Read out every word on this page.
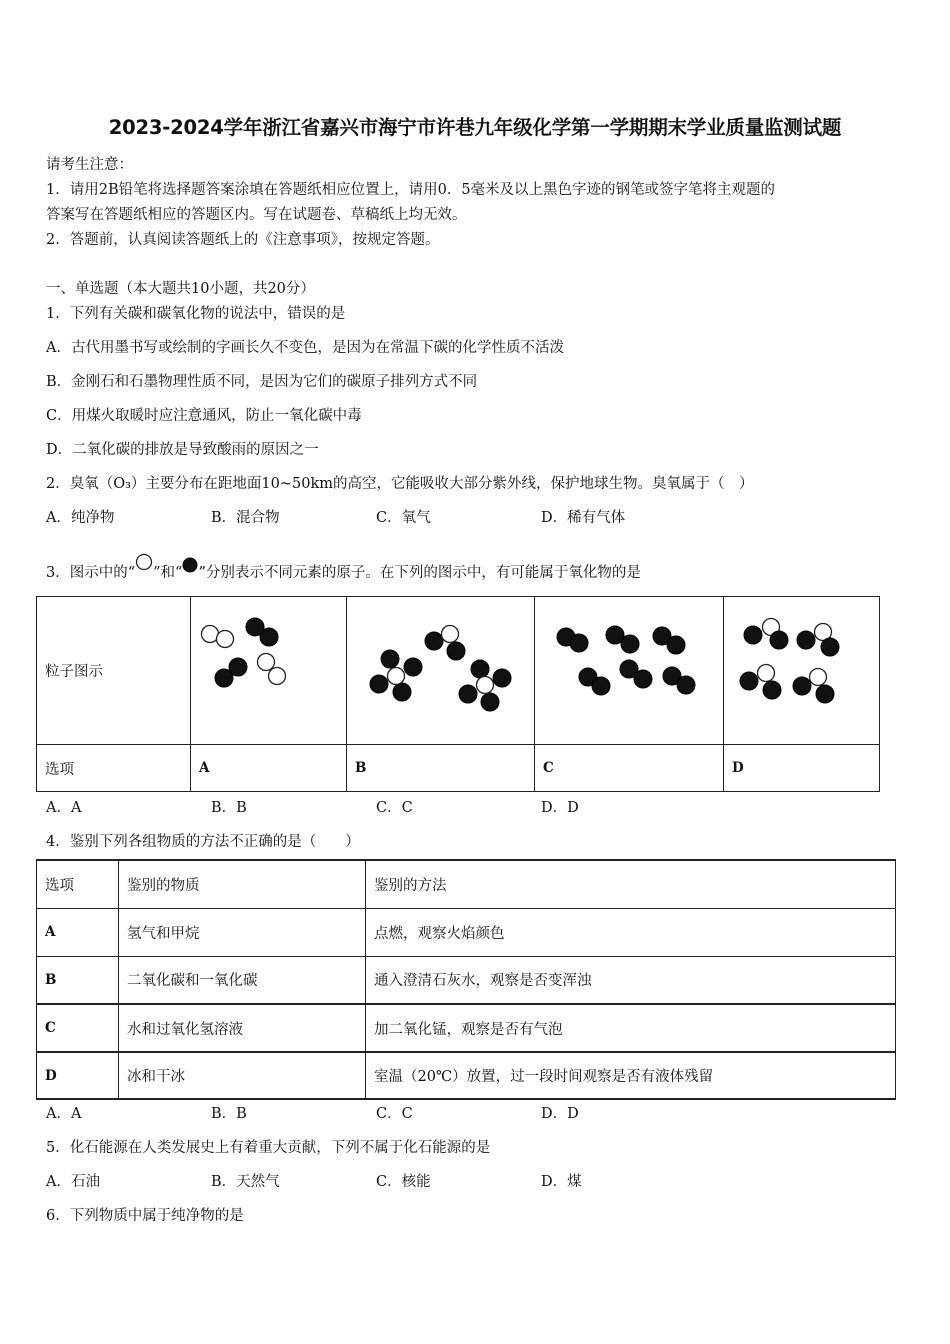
2023-2024学年浙江省嘉兴市海宁市许巷九年级化学第一学期期末学业质量监测试题
请考生注意：
1．请用2B铅笔将选择题答案涂填在答题纸相应位置上，请用0．5毫米及以上黑色字迹的钢笔或签字笔将主观题的
答案写在答题纸相应的答题区内。写在试题卷、草稿纸上均无效。
2．答题前，认真阅读答题纸上的《注意事项》，按规定答题。
一、单选题（本大题共10小题，共20分）
1．下列有关碳和碳氧化物的说法中，错误的是
A．古代用墨书写或绘制的字画长久不变色，是因为在常温下碳的化学性质不活泼
B．金刚石和石墨物理性质不同，是因为它们的碳原子排列方式不同
C．用煤火取暖时应注意通风，防止一氧化碳中毒
D．二氧化碳的排放是导致酸雨的原因之一
2．臭氧（O₃）主要分布在距地面10~50km的高空，它能吸收大部分紫外线，保护地球生物。臭氧属于（　）
A．纯净物	B．混合物	C．氧气	D．稀有气体
3．图示中的“ ”和“ ”分别表示不同元素的原子。在下列的图示中，有可能属于氧化物的是
粒子图示	

选项	A	B	C	D
A．A	B．B	C．C	D．D
4．鉴别下列各组物质的方法不正确的是（　　）
选项	鉴别的物质	鉴别的方法
A	氢气和甲烷	点燃，观察火焰颜色
B	二氧化碳和一氧化碳	通入澄清石灰水，观察是否变浑浊
C	水和过氧化氢溶液	加二氧化锰，观察是否有气泡
D	冰和干冰	室温（20℃）放置，过一段时间观察是否有液体残留
A．A	B．B	C．C	D．D
5．化石能源在人类发展史上有着重大贡献，下列不属于化石能源的是
A．石油	B．天然气	C．核能	D．煤
6．下列物质中属于纯净物的是
